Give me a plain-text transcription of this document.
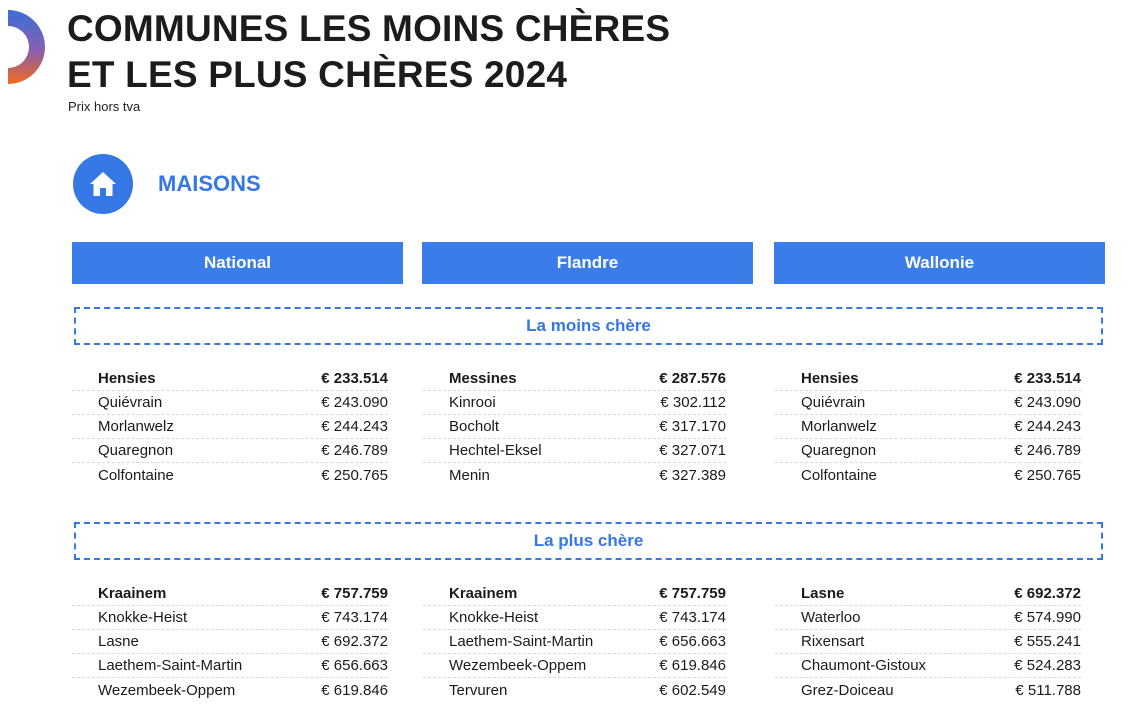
COMMUNES LES MOINS CHÈRES
ET LES PLUS CHÈRES 2024
Prix hors tva
MAISONS
National	Flandre	Wallonie
La moins chère
Hensies	€ 233.514
Quiévrain	€ 243.090
Morlanwelz	€ 244.243
Quaregnon	€ 246.789
Colfontaine	€ 250.765
Messines	€ 287.576
Kinrooi	€ 302.112
Bocholt	€ 317.170
Hechtel-Eksel	€ 327.071
Menin	€ 327.389
Hensies	€ 233.514
Quiévrain	€ 243.090
Morlanwelz	€ 244.243
Quaregnon	€ 246.789
Colfontaine	€ 250.765
La plus chère
Kraainem	€ 757.759
Knokke-Heist	€ 743.174
Lasne	€ 692.372
Laethem-Saint-Martin	€ 656.663
Wezembeek-Oppem	€ 619.846
Kraainem	€ 757.759
Knokke-Heist	€ 743.174
Laethem-Saint-Martin	€ 656.663
Wezembeek-Oppem	€ 619.846
Tervuren	€ 602.549
Lasne	€ 692.372
Waterloo	€ 574.990
Rixensart	€ 555.241
Chaumont-Gistoux	€ 524.283
Grez-Doiceau	€ 511.788
